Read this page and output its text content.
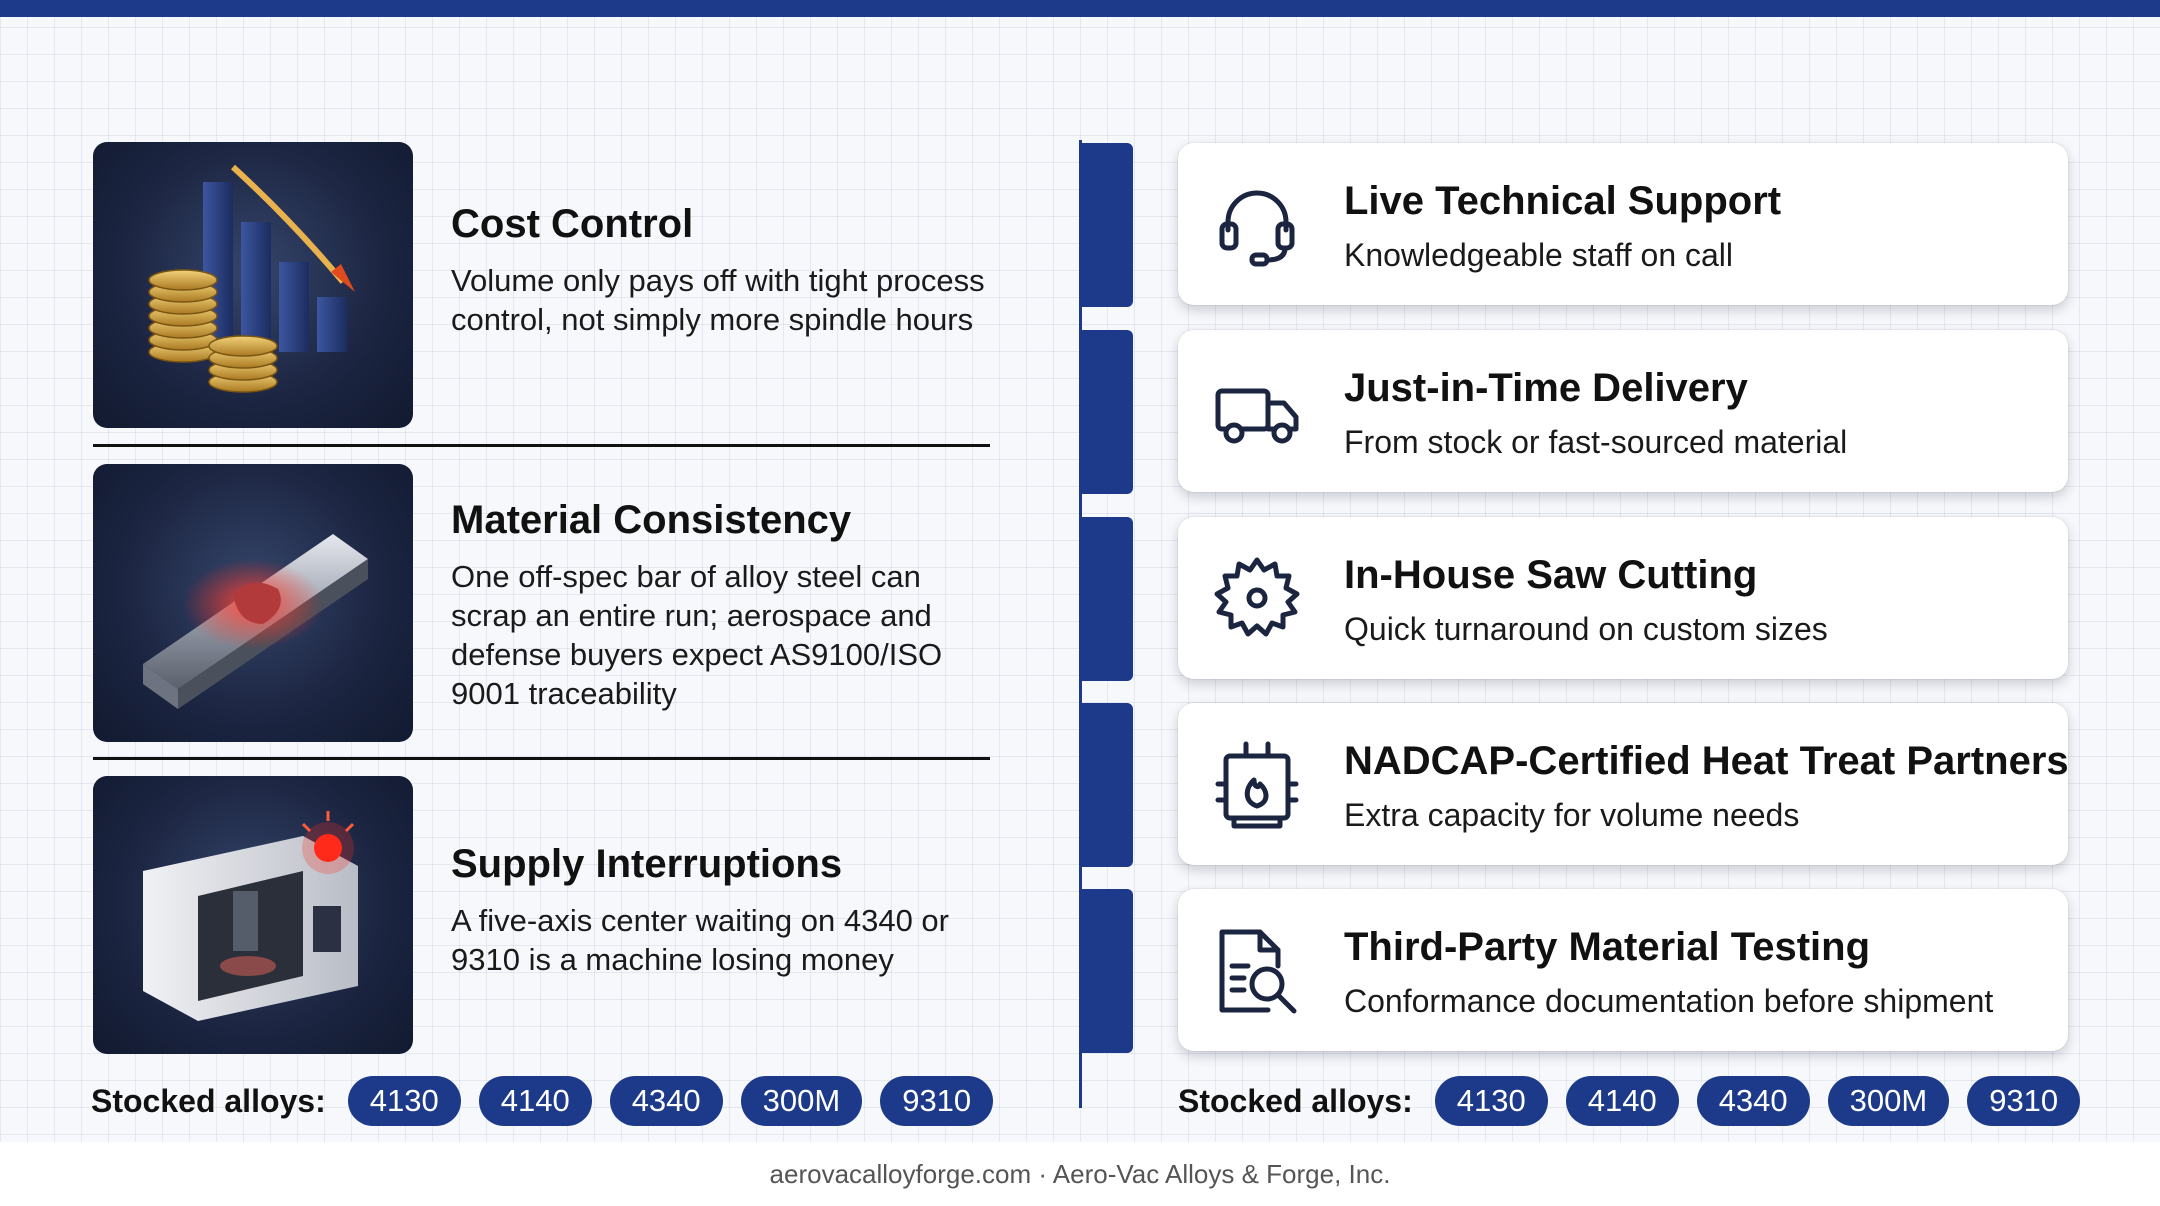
Cost Control
Volume only pays off with tight process control, not simply more spindle hours
Material Consistency
One off-spec bar of alloy steel can scrap an entire run; aerospace and defense buyers expect AS9100/ISO 9001 traceability
Supply Interruptions
A five-axis center waiting on 4340 or 9310 is a machine losing money
Stocked alloys:	4130	4140	4340	300M	9310
Live Technical Support
Knowledgeable staff on call
Just-in-Time Delivery
From stock or fast-sourced material
In-House Saw Cutting
Quick turnaround on custom sizes
NADCAP-Certified Heat Treat Partners
Extra capacity for volume needs
Third-Party Material Testing
Conformance documentation before shipment
Stocked alloys:	4130	4140	4340	300M	9310
aerovacalloyforge.com · Aero-Vac Alloys & Forge, Inc.
